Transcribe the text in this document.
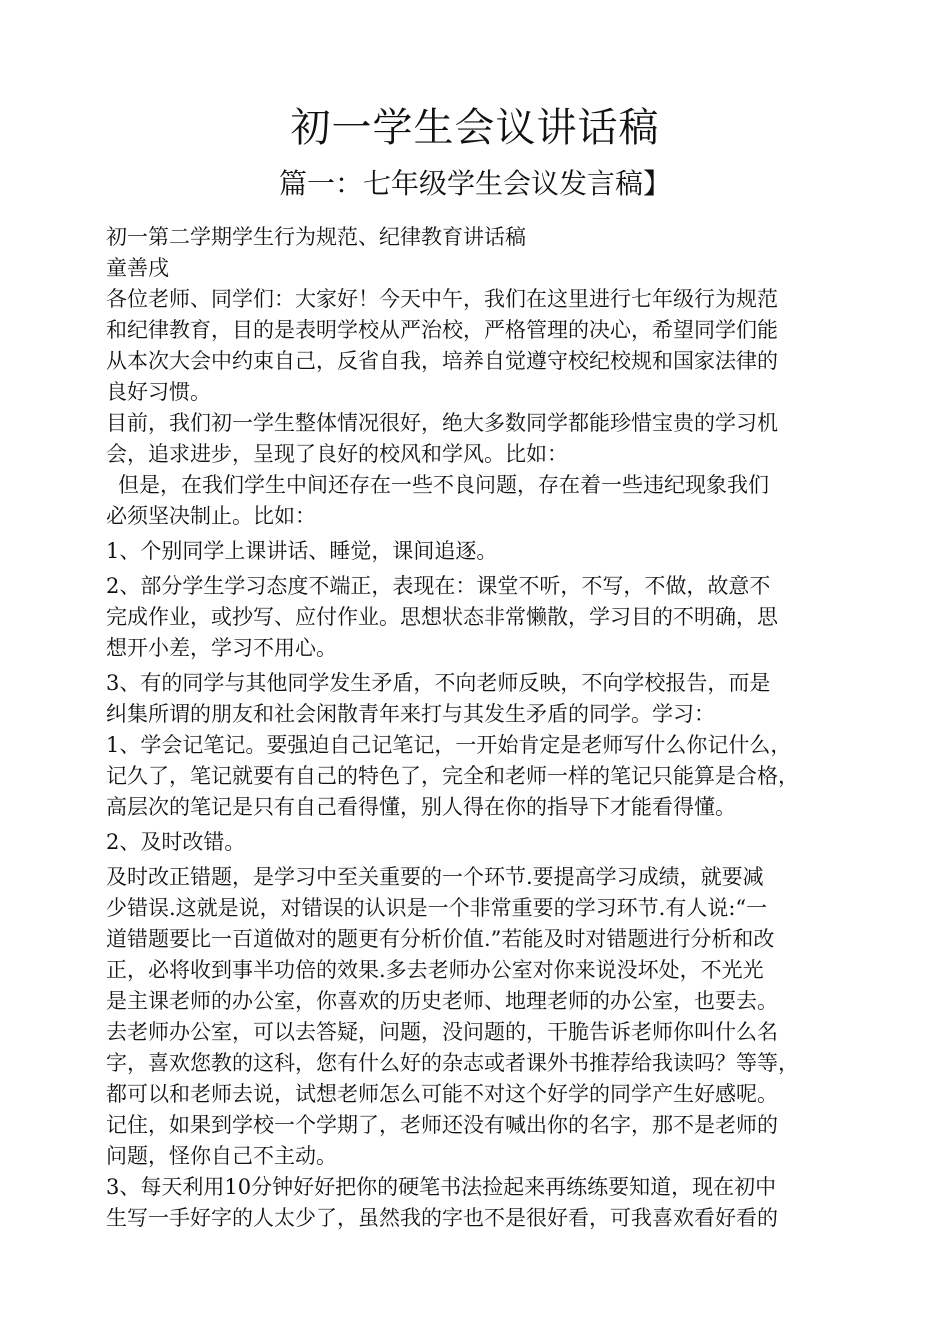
初一学生会议讲话稿
篇一：七年级学生会议发言稿】
初一第二学期学生行为规范、纪律教育讲话稿
童善戌
各位老师、同学们：大家好！今天中午，我们在这里进行七年级行为规范
和纪律教育，目的是表明学校从严治校，严格管理的决心，希望同学们能
从本次大会中约束自己，反省自我，培养自觉遵守校纪校规和国家法律的
良好习惯。
目前，我们初一学生整体情况很好，绝大多数同学都能珍惜宝贵的学习机
会，追求进步，呈现了良好的校风和学风。比如：
但是，在我们学生中间还存在一些不良问题，存在着一些违纪现象我们
必须坚决制止。比如：
1、个别同学上课讲话、睡觉，课间追逐。
2、部分学生学习态度不端正，表现在：课堂不听，不写，不做，故意不
完成作业，或抄写、应付作业。思想状态非常懒散，学习目的不明确，思
想开小差，学习不用心。
3、有的同学与其他同学发生矛盾，不向老师反映，不向学校报告，而是
纠集所谓的朋友和社会闲散青年来打与其发生矛盾的同学。学习：
1、学会记笔记。要强迫自己记笔记，一开始肯定是老师写什么你记什么，
记久了，笔记就要有自己的特色了，完全和老师一样的笔记只能算是合格，
高层次的笔记是只有自己看得懂，别人得在你的指导下才能看得懂。
2、及时改错。
及时改正错题，是学习中至关重要的一个环节.要提高学习成绩，就要减
少错误.这就是说，对错误的认识是一个非常重要的学习环节.有人说:“一
道错题要比一百道做对的题更有分析价值.”若能及时对错题进行分析和改
正，必将收到事半功倍的效果.多去老师办公室对你来说没坏处，不光光
是主课老师的办公室，你喜欢的历史老师、地理老师的办公室，也要去。
去老师办公室，可以去答疑，问题，没问题的，干脆告诉老师你叫什么名
字，喜欢您教的这科，您有什么好的杂志或者课外书推荐给我读吗？等等，
都可以和老师去说，试想老师怎么可能不对这个好学的同学产生好感呢。
记住，如果到学校一个学期了，老师还没有喊出你的名字，那不是老师的
问题，怪你自己不主动。
3、每天利用10分钟好好把你的硬笔书法捡起来再练练要知道，现在初中
生写一手好字的人太少了，虽然我的字也不是很好看，可我喜欢看好看的
